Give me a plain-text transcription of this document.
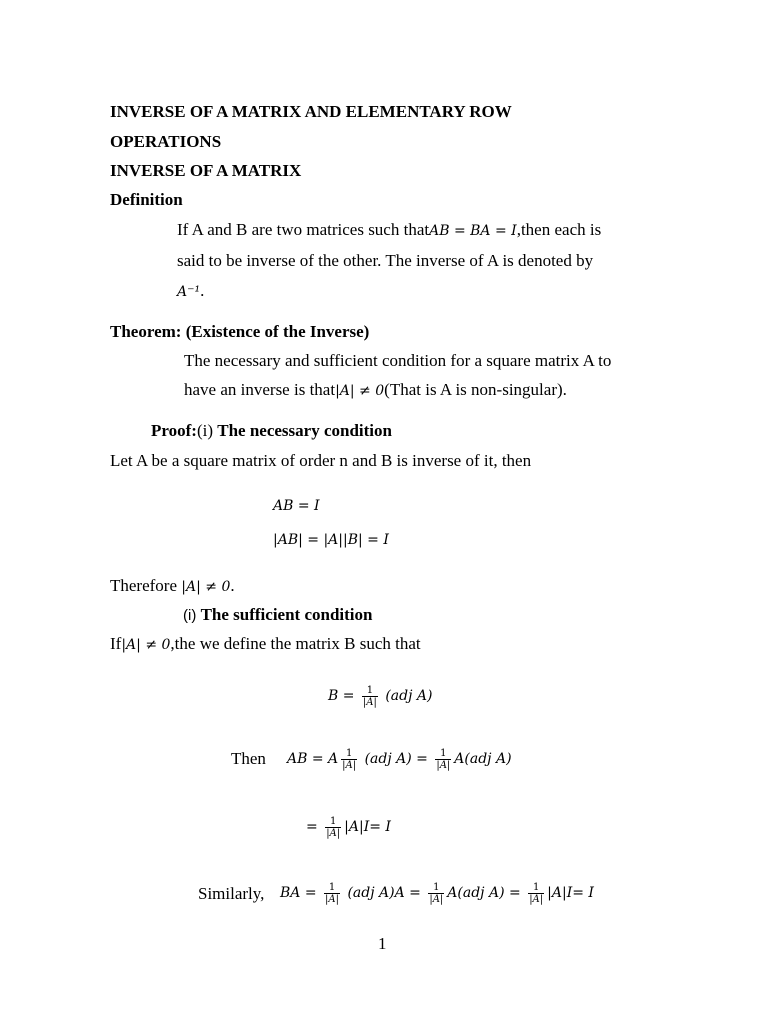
INVERSE OF A MATRIX AND ELEMENTARY ROW
OPERATIONS
INVERSE OF A MATRIX
Definition
If A and B are two matrices such thatAB = BA = I,then each is
said to be inverse of the other. The inverse of A is denoted by
A⁻¹.
Theorem: (Existence of the Inverse)
The necessary and sufficient condition for a square matrix A to
have an inverse is that|A| ≠ 0(That is A is non-singular).
Proof:(i) The necessary condition
Let A be a square matrix of order n and B is inverse of it, then
AB = I
|AB| = |A||B| = I
Therefore |A| ≠ 0.
(i) The sufficient condition
If|A| ≠ 0,the we define the matrix B such that
$B = \frac{1}{|A|} (adj$ A)
Then AB = A $\frac{1}{|A|} (adj$ $A) = \frac{1}{|A|} A(adj$ A)
= $\frac{1}{|A|} |A|I= I$
Similarly, BA = $\frac{1}{|A|} (adj$ $A)A = \frac{1}{|A|} A(adj$ $A) = \frac{1}{|A|} |A|I= I$
1
